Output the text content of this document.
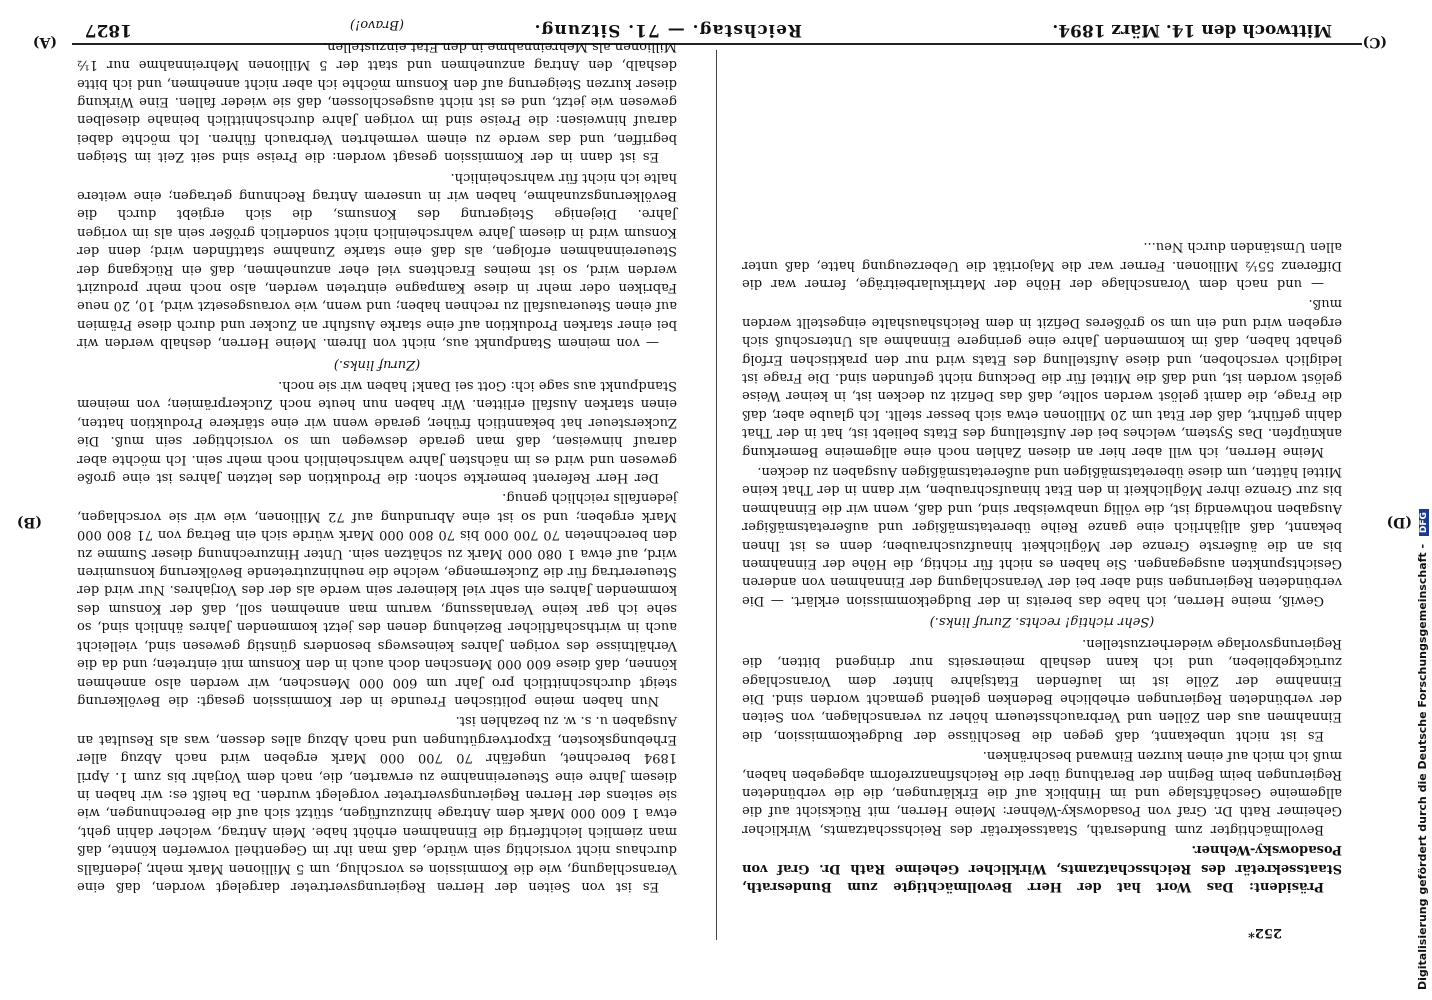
Mittwoch den 14. März 1894.
Reichstag. — 71. Sitzung.
1827
(C)
(A)
(D)
(B)

Präsident: Das Wort hat der Herr Bevollmächtigte zum Bundesrath, Staatssekretär des Reichsschatzamts, Wirklicher Geheime Rath Dr. Graf von Posadowsky-Wehner.

Bevollmächtigter zum Bundesrath, Staatssekretär des Reichsschatzamts, Wirklicher Geheimer Rath Dr. Graf von Posadowsky-Wehner: Meine Herren, mit Rücksicht auf die allgemeine Geschäftslage und im Hinblick auf die Erklärungen, die die verbündeten Regierungen beim Beginn der Berathung über die Reichsfinanzreform abgegeben haben, muß ich mich auf einen kurzen Einwand beschränken.

Es ist nicht unbekannt, daß gegen die Beschlüsse der Budgetkommission, die Einnahmen aus den Zöllen und Verbrauchssteuern höher zu veranschlagen, von Seiten der verbündeten Regierungen erhebliche Bedenken geltend gemacht worden sind. Die Einnahme der Zölle ist im laufenden Etatsjahre hinter dem Voranschlage zurückgeblieben, und ich kann deshalb meinerseits nur dringend bitten, die Regierungsvorlage wiederherzustellen.

(Sehr richtig! rechts. Zuruf links.)

Gewiß, meine Herren, ich habe das bereits in der Budgetkommission erklärt. — Die verbündeten Regierungen sind aber bei der Veranschlagung der Einnahmen von anderen Gesichtspunkten ausgegangen. Sie haben es nicht für richtig, die Höhe der Einnahmen bis an die äußerste Grenze der Möglichkeit hinaufzuschrauben; denn es ist Ihnen bekannt, daß alljährlich eine ganze Reihe überetatsmäßiger und außeretatsmäßiger Ausgaben nothwendig ist, die völlig unabweisbar sind, und daß, wenn wir die Einnahmen bis zur Grenze ihrer Möglichkeit in den Etat hinaufschrauben, wir dann in der That keine Mittel hätten, um diese überetatsmäßigen und außeretatsmäßigen Ausgaben zu decken.

Meine Herren, ich will aber hier an diesen Zahlen noch eine allgemeine Bemerkung anknüpfen. Das System, welches bei der Aufstellung des Etats beliebt ist, hat in der That dahin geführt, daß der Etat um 20 Millionen etwa sich besser stellt. Ich glaube aber, daß die Frage, die damit gelöst werden sollte, daß das Defizit zu decken ist, in keiner Weise gelöst worden ist, und daß die Mittel für die Deckung nicht gefunden sind. Die Frage ist lediglich verschoben, und diese Aufstellung des Etats wird nur den praktischen Erfolg gehabt haben, daß im kommenden Jahre eine geringere Einnahme als Unterschuß sich ergeben wird und ein um so größeres Defizit in dem Reichshaushalte eingestellt werden muß.

— und nach dem Voranschlage der Höhe der Matrikularbeiträge, ferner war die Differenz 55½ Millionen. Ferner war die Majorität die Ueberzeugung hatte, daß unter allen Umständen durch Neu...

Es ist von Seiten der Herren Regierungsvertreter dargelegt worden, daß eine Veranschlagung, wie die Kommission es vorschlug, um 5 Millionen Mark mehr, jedenfalls durchaus nicht vorsichtig sein würde, daß man ihr im Gegentheil vorwerfen könnte, daß man ziemlich leichtfertig die Einnahmen erhöht habe. Mein Antrag, welcher dahin geht, etwa 1 600 000 Mark dem Antrage hinzuzufügen, stützt sich auf die Berechnungen, wie sie seitens der Herren Regierungsvertreter vorgelegt wurden. Da heißt es: wir haben in diesem Jahre eine Steuereinnahme zu erwarten, die, nach dem Vorjahr bis zum 1. April 1894 berechnet, ungefähr 70 700 000 Mark ergeben wird nach Abzug aller Erhebungskosten, Exportvergütungen und nach Abzug alles dessen, was als Resultat an Ausgaben u. s. w. zu bezahlen ist.

Nun haben meine politischen Freunde in der Kommission gesagt: die Bevölkerung steigt durchschnittlich pro Jahr um 600 000 Menschen, wir werden also annehmen können, daß diese 600 000 Menschen doch auch in den Konsum mit eintreten; und da die Verhältnisse des vorigen Jahres keineswegs besonders günstig gewesen sind, vielleicht auch in wirthschaftlicher Beziehung denen des jetzt kommenden Jahres ähnlich sind, so sehe ich gar keine Veranlassung, warum man annehmen soll, daß der Konsum des kommenden Jahres ein sehr viel kleinerer sein werde als der des Vorjahres. Nur wird der Steuerertrag für die Zuckermenge, welche die neuhinzutretende Bevölkerung konsumiren wird, auf etwa 1 080 000 Mark zu schätzen sein. Unter Hinzurechnung dieser Summe zu den berechneten 70 700 000 bis 70 800 000 Mark würde sich ein Betrag von 71 800 000 Mark ergeben; und so ist eine Abrundung auf 72 Millionen, wie wir sie vorschlagen, jedenfalls reichlich genug.

Der Herr Referent bemerkte schon: die Produktion des letzten Jahres ist eine große gewesen und wird es im nächsten Jahre wahrscheinlich noch mehr sein. Ich möchte aber darauf hinweisen, daß man gerade deswegen um so vorsichtiger sein muß. Die Zuckersteuer hat bekanntlich früher, gerade wenn wir eine stärkere Produktion hatten, einen starken Ausfall erlitten. Wir haben nun heute noch Zuckerprämien; von meinem Standpunkt aus sage ich: Gott sei Dank! haben wir sie noch.

(Zuruf links.)

— von meinem Standpunkt aus, nicht von Ihrem. Meine Herren, deshalb werden wir bei einer starken Produktion auf eine starke Ausfuhr an Zucker und durch diese Prämien auf einen Steuerausfall zu rechnen haben; und wenn, wie vorausgesetzt wird, 10, 20 neue Fabriken oder mehr in diese Kampagne eintreten werden, also noch mehr produzirt werden wird, so ist meines Erachtens viel eher anzunehmen, daß ein Rückgang der Steuereinnahmen erfolgen, als daß eine starke Zunahme stattfinden wird; denn der Konsum wird in diesem Jahre wahrscheinlich nicht sonderlich größer sein als im vorigen Jahre. Diejenige Steigerung des Konsums, die sich ergiebt durch die Bevölkerungszunahme, haben wir in unserem Antrag Rechnung getragen; eine weitere halte ich nicht für wahrscheinlich.

Es ist dann in der Kommission gesagt worden: die Preise sind seit Zeit im Steigen begriffen, und das werde zu einem vermehrten Verbrauch führen. Ich möchte dabei darauf hinweisen: die Preise sind im vorigen Jahre durchschnittlich beinahe dieselben gewesen wie jetzt, und es ist nicht ausgeschlossen, daß sie wieder fallen. Eine Wirkung dieser kurzen Steigerung auf den Konsum möchte ich aber nicht annehmen, und ich bitte deshalb, den Antrag anzunehmen und statt der 5 Millionen Mehreinnahme nur 1½ Millionen als Mehreinnahme in den Etat einzustellen.

(Bravo!)

252*	Digitalisierung gefördert durch die Deutsche Forschungsgemeinschaft - DFG
